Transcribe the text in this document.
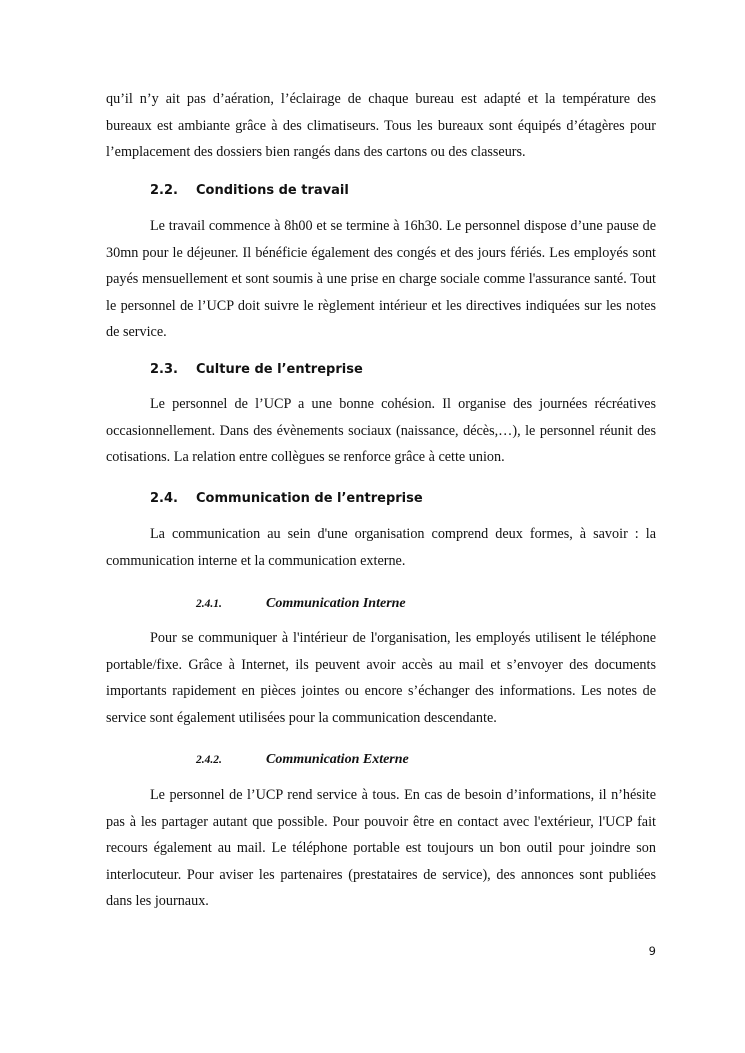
qu’il n’y ait pas d’aération, l’éclairage de chaque bureau est adapté et la température des bureaux est ambiante grâce à des climatiseurs. Tous les bureaux sont équipés d’étagères pour l’emplacement des dossiers bien rangés dans des cartons ou des classeurs.

2.2. Conditions de travail

Le travail commence à 8h00 et se termine à 16h30. Le personnel dispose d’une pause de 30mn pour le déjeuner. Il bénéficie également des congés et des jours fériés. Les employés sont payés mensuellement et sont soumis à une prise en charge sociale comme l'assurance santé. Tout le personnel de l’UCP doit suivre le règlement intérieur et les directives indiquées sur les notes de service.

2.3. Culture de l’entreprise

Le personnel de l’UCP a une bonne cohésion. Il organise des journées récréatives occasionnellement. Dans des évènements sociaux (naissance, décès,…), le personnel réunit des cotisations. La relation entre collègues se renforce grâce à cette union.

2.4. Communication de l’entreprise

La communication au sein d'une organisation comprend deux formes, à savoir : la communication interne et la communication externe.

2.4.1.	Communication Interne

Pour se communiquer à l'intérieur de l'organisation, les employés utilisent le téléphone portable/fixe. Grâce à Internet, ils peuvent avoir accès au mail et s’envoyer des documents importants rapidement en pièces jointes ou encore s’échanger des informations. Les notes de service sont également utilisées pour la communication descendante.

2.4.2.	Communication Externe

Le personnel de l’UCP rend service à tous. En cas de besoin d’informations, il n’hésite pas à les partager autant que possible. Pour pouvoir être en contact avec l'extérieur, l'UCP fait recours également au mail. Le téléphone portable est toujours un bon outil pour joindre son interlocuteur. Pour aviser les partenaires (prestataires de service), des annonces sont publiées dans les journaux.

9
